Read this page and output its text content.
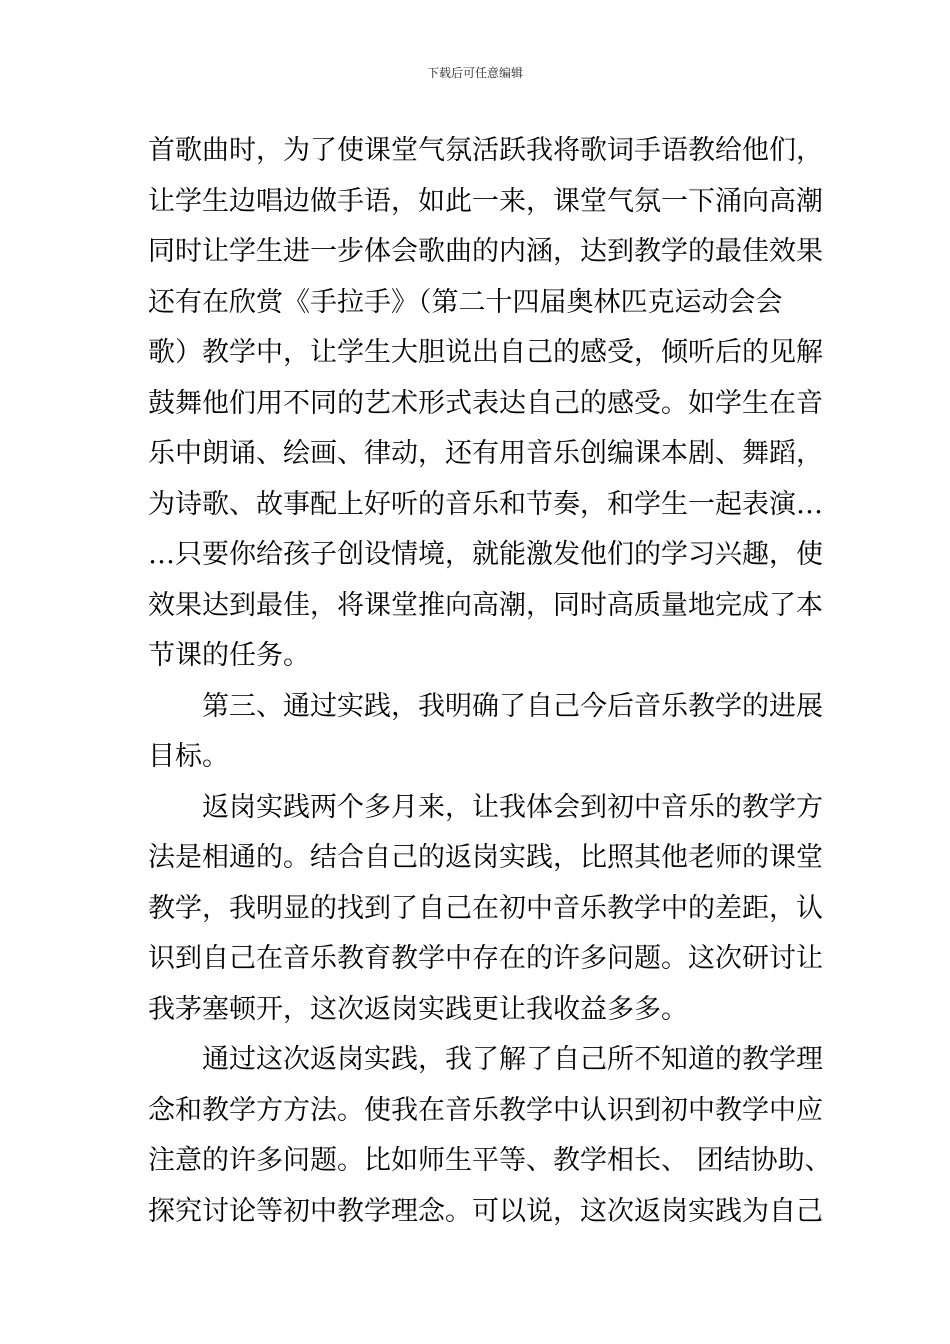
下载后可任意编辑
首歌曲时，为了使课堂气氛活跃我将歌词手语教给他们，
让学生边唱边做手语，如此一来，课堂气氛一下涌向高潮
同时让学生进一步体会歌曲的内涵，达到教学的最佳效果
还有在欣赏《手拉手》（第二十四届奥林匹克运动会会
歌）教学中，让学生大胆说出自己的感受，倾听后的见解
鼓舞他们用不同的艺术形式表达自己的感受。如学生在音
乐中朗诵、绘画、律动，还有用音乐创编课本剧、舞蹈，
为诗歌、故事配上好听的音乐和节奏，和学生一起表演…
…只要你给孩子创设情境，就能激发他们的学习兴趣，使
效果达到最佳，将课堂推向高潮，同时高质量地完成了本
节课的任务。
第三、通过实践，我明确了自己今后音乐教学的进展
目标。
返岗实践两个多月来，让我体会到初中音乐的教学方
法是相通的。结合自己的返岗实践，比照其他老师的课堂
教学，我明显的找到了自己在初中音乐教学中的差距，认
识到自己在音乐教育教学中存在的许多问题。这次研讨让
我茅塞顿开，这次返岗实践更让我收益多多。
通过这次返岗实践，我了解了自己所不知道的教学理
念和教学方方法。使我在音乐教学中认识到初中教学中应
注意的许多问题。比如师生平等、教学相长、 团结协助、
探究讨论等初中教学理念。可以说，这次返岗实践为自己
